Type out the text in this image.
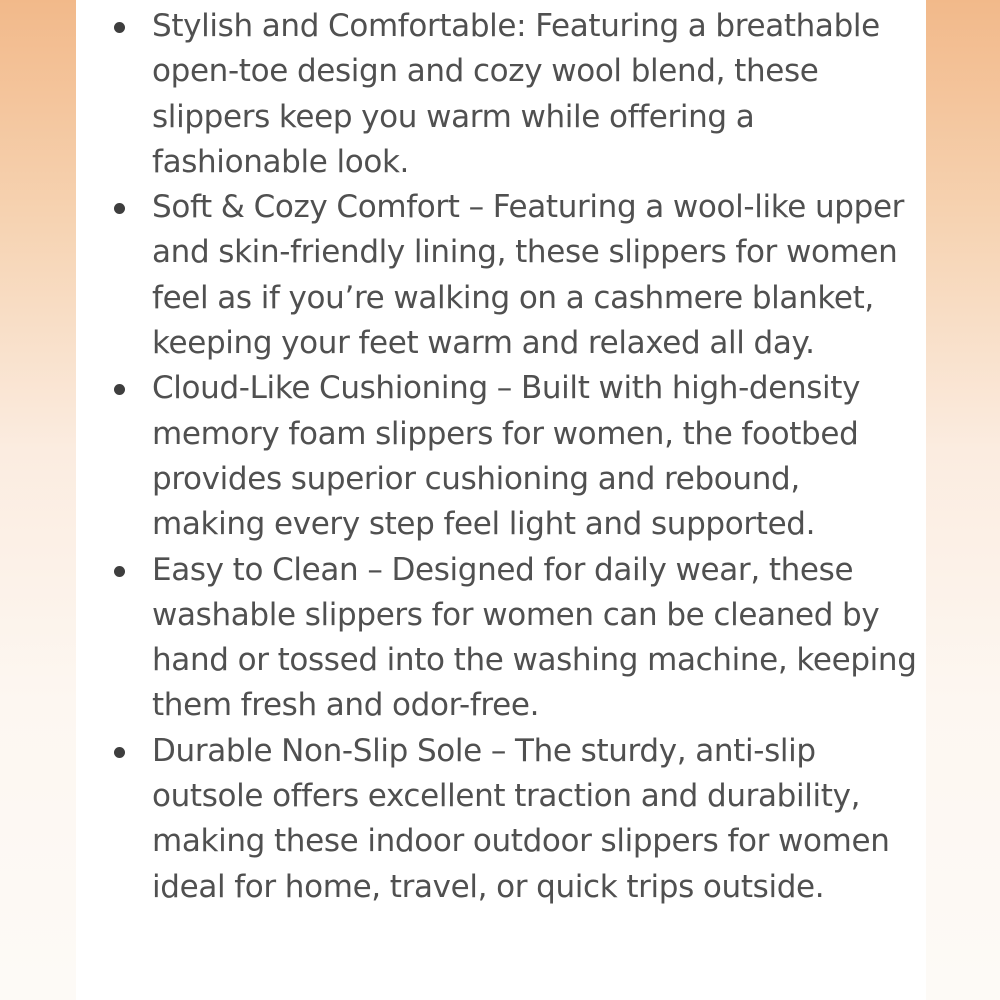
Stylish and Comfortable: Featuring a breathable open-toe design and cozy wool blend, these slippers keep you warm while offering a fashionable look.
Soft & Cozy Comfort – Featuring a wool-like upper and skin-friendly lining, these slippers for women feel as if you’re walking on a cashmere blanket, keeping your feet warm and relaxed all day.
Cloud-Like Cushioning – Built with high-density memory foam slippers for women, the footbed provides superior cushioning and rebound, making every step feel light and supported.
Easy to Clean – Designed for daily wear, these washable slippers for women can be cleaned by hand or tossed into the washing machine, keeping them fresh and odor-free.
Durable Non-Slip Sole – The sturdy, anti-slip outsole offers excellent traction and durability, making these indoor outdoor slippers for women ideal for home, travel, or quick trips outside.
